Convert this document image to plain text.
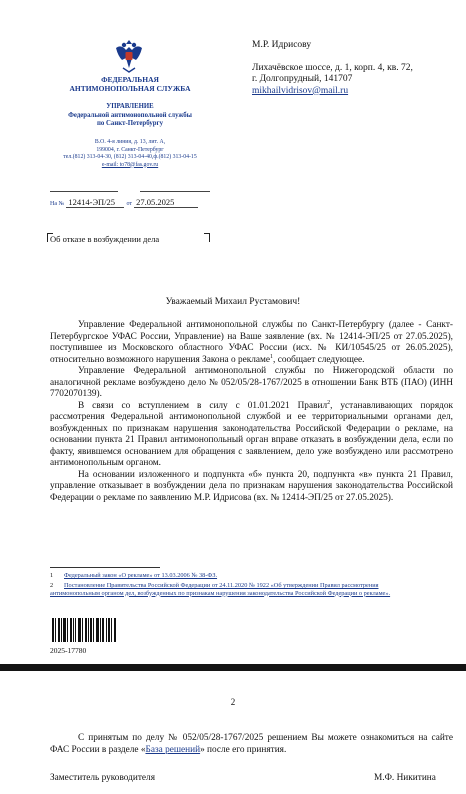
ФЕДЕРАЛЬНАЯ
АНТИМОНОПОЛЬНАЯ СЛУЖБА
УПРАВЛЕНИЕ
Федеральной антимонопольной службы
по Санкт-Петербургу
В.О. 4-я линия, д. 13, лит. А,
199004, г. Санкт-Петербург
тел.(812) 313-04-30, (812) 313-04-40,ф.(812) 313-04-15
e-mail: to78@fas.gov.ru
На № 12414-ЭП/25 от 27.05.2025
Об отказе в возбуждении дела
М.Р. Идрисову
Лихачёвское шоссе, д. 1, корп. 4, кв. 72,
г. Долгопрудный, 141707
mikhailvidrisov@mail.ru
Уважаемый Михаил Рустамович!

Управление Федеральной антимонопольной службы по Санкт-Петербургу (далее - Санкт-Петербургское УФАС России, Управление) на Ваше заявление (вх. № 12414-ЭП/25 от 27.05.2025), поступившее из Московского областного УФАС России (исх. № КИ/10545/25 от 26.05.2025), относительно возможного нарушения Закона о рекламе$^1$, сообщает следующее.

Управление Федеральной антимонопольной службы по Нижегородской области по аналогичной рекламе возбуждено дело № 052/05/28-1767/2025 в отношении Банк ВТБ (ПАО) (ИНН 7702070139).

В связи со вступлением в силу с 01.01.2021 Правил$^2$, устанавливающих порядок рассмотрения Федеральной антимонопольной службой и ее территориальными органами дел, возбужденных по признакам нарушения законодательства Российской Федерации о рекламе, на основании пункта 21 Правил антимонопольный орган вправе отказать в возбуждении дела, если по факту, явившемся основанием для обращения с заявлением, дело уже возбуждено или рассмотрено антимонопольным органом.

На основании изложенного и подпункта «б» пункта 20, подпункта «в» пункта 21 Правил, управление отказывает в возбуждении дела по признакам нарушения законодательства Российской Федерации о рекламе по заявлению М.Р. Идрисова (вх. № 12414-ЭП/25 от 27.05.2025).

1 Федеральный закон «О рекламе» от 13.03.2006 № 38-ФЗ.
2 Постановление Правительства Российской Федерации от 24.11.2020 № 1922 «Об утверждении Правил рассмотрения антимонопольным органом дел, возбужденных по признакам нарушения законодательства Российской Федерации о рекламе».
2025-17780
2

С принятым по делу № 052/05/28-1767/2025 решением Вы можете ознакомиться на сайте ФАС России в разделе «База решений» после его принятия.

Заместитель руководителя	М.Ф. Никитина
